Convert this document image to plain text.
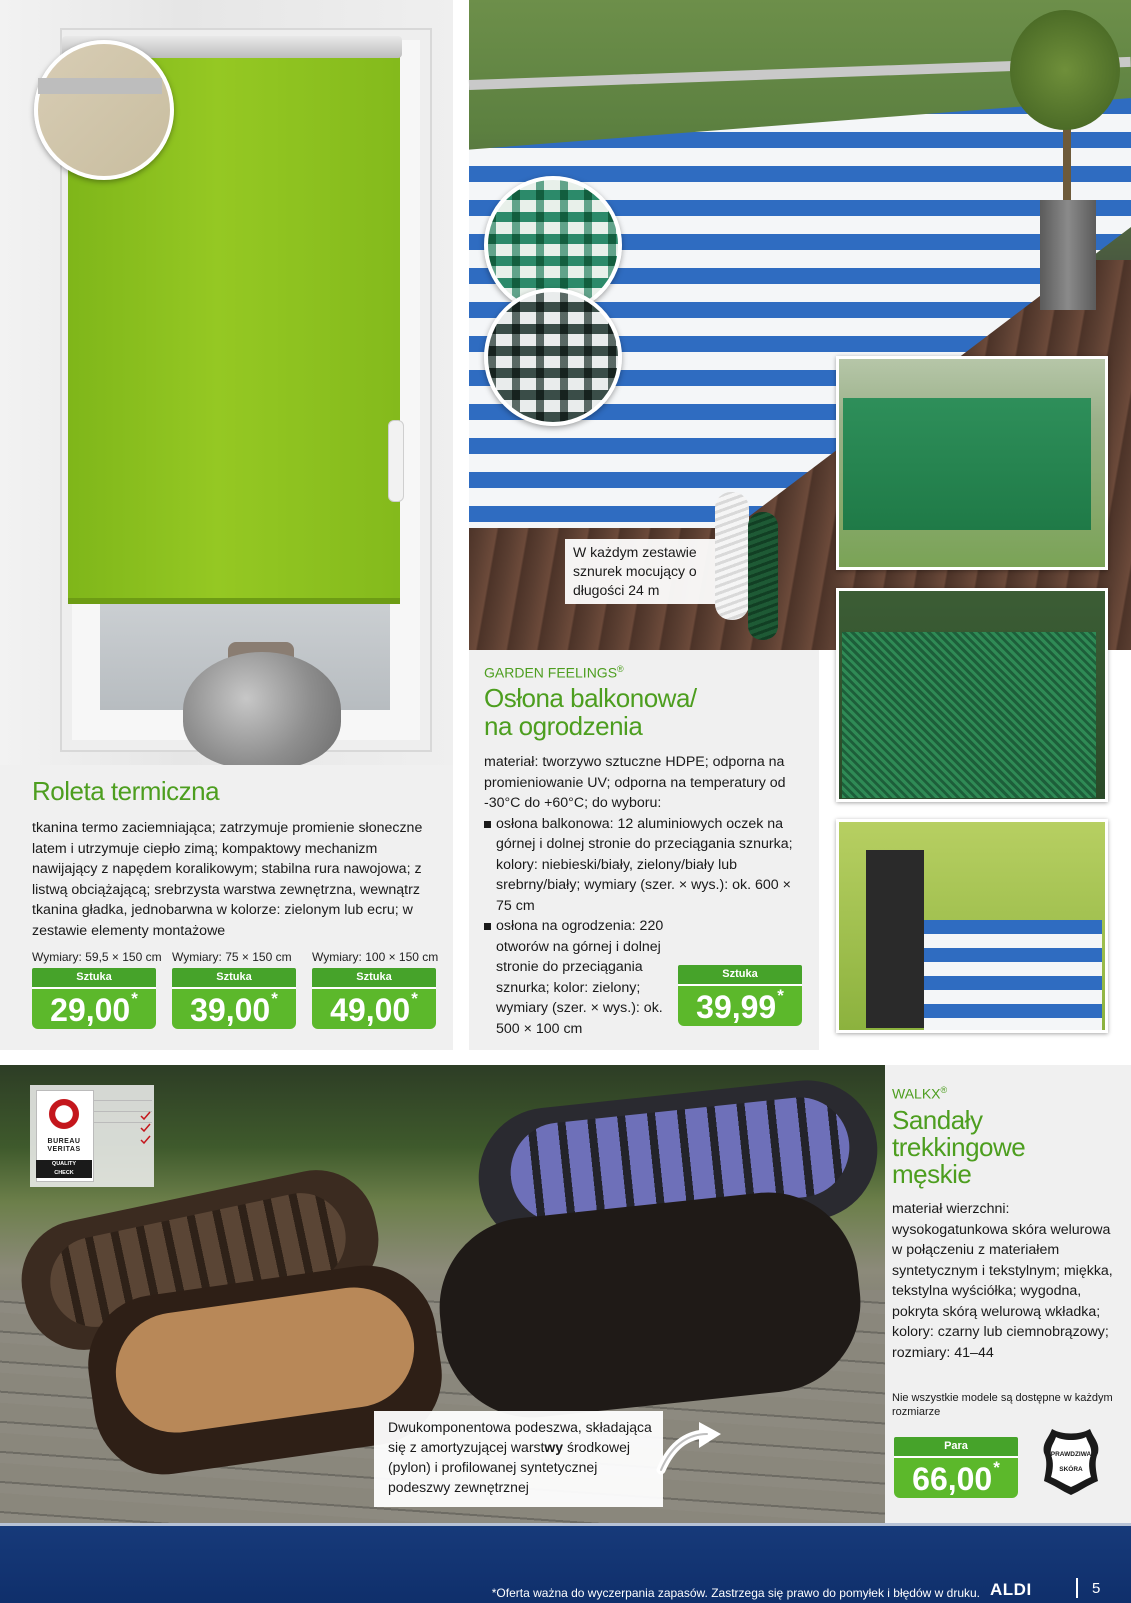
Roleta termiczna

tkanina termo zaciemniająca; zatrzymuje promienie słoneczne latem i utrzymuje ciepło zimą; kompaktowy mechanizm nawijający z napędem koralikowym; stabilna rura nawojowa; z listwą obciążającą; srebrzysta warstwa zewnętrzna, wewnątrz tkanina gładka, jednobarwna w kolorze: zielonym lub ecru; w zestawie elementy montażowe

Wymiary: 59,5 × 150 cm Wymiary: 75 × 150 cm Wymiary: 100 × 150 cm
Sztuka
29,00*
Sztuka
39,00*
Sztuka
49,00*
W każdym zestawie sznurek mocujący o długości 24 m
GARDEN FEELINGS®
Osłona balkonowa/
na ogrodzenia
materiał: tworzywo sztuczne HDPE; odporna na promieniowanie UV; odporna na temperatury od -30°C do +60°C; do wyboru:
osłona balkonowa: 12 aluminiowych oczek na górnej i dolnej stronie do przeciągania sznurka; kolory: niebieski/biały, zielony/biały lub srebrny/biały; wymiary (szer. × wys.): ok. 600 × 75 cm
osłona na ogrodzenia: 220 otworów na górnej i dolnej stronie do przeciągania sznurka; kolor: zielony; wymiary (szer. × wys.): ok. 500 × 100 cm
Sztuka
39,99*
BUREAU
VERITAS
QUALITY
CHECK
Dwukomponentowa podeszwa, składająca się z amortyzującej warstwy środkowej (pylon) i profilowanej syntetycznej podeszwy zewnętrznej
WALKX®
Sandały
trekkingowe
męskie

materiał wierzchni: wysokogatunkowa skóra welurowa w połączeniu z materiałem syntetycznym i tekstylnym; miękka, tekstylna wyściółka; wygodna, pokryta skórą welurową wkładka; kolory: czarny lub ciemnobrązowy; rozmiary: 41–44

Nie wszystkie modele są dostępne w każdym rozmiarze

Para
66,00*
PRAWDZIWA
SKÓRA
*Oferta ważna do wyczerpania zapasów. Zastrzega się prawo do pomyłek i błędów w druku. ALDI	5
